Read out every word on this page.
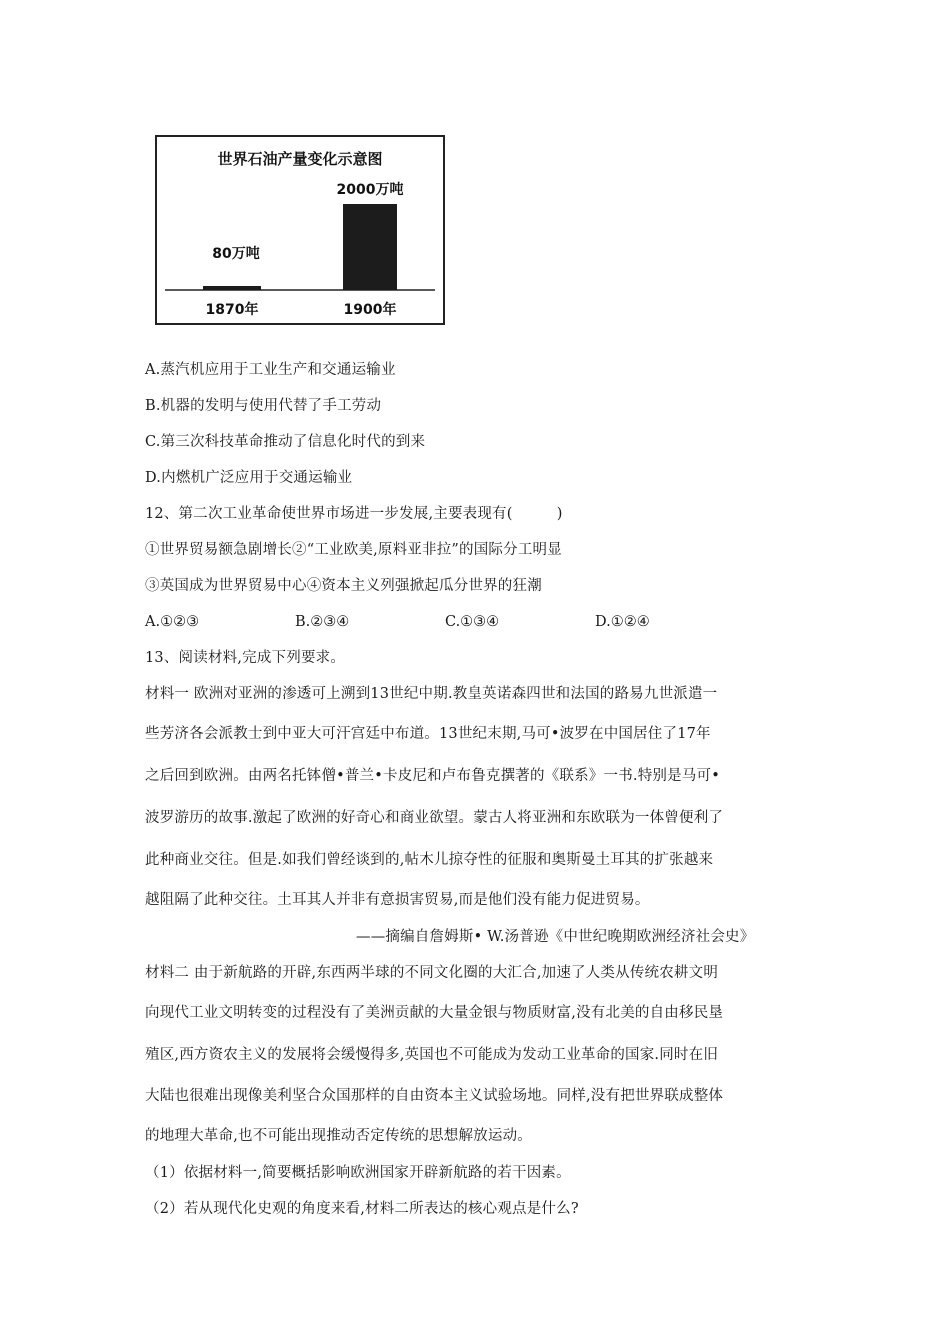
世界石油产量变化示意图
80万吨
1870年
2000万吨
1900年
A.蒸汽机应用于工业生产和交通运输业
B.机器的发明与使用代替了手工劳动
C.第三次科技革命推动了信息化时代的到来
D.内燃机广泛应用于交通运输业
12、第二次工业革命使世界市场进一步发展,主要表现有(　　　)
①世界贸易额急剧增长②“工业欧美,原料亚非拉”的国际分工明显
③英国成为世界贸易中心④资本主义列强掀起瓜分世界的狂潮
A.①②③	B.②③④	C.①③④	D.①②④
13、阅读材料,完成下列要求。
材料一 欧洲对亚洲的渗透可上溯到13世纪中期.教皇英诺森四世和法国的路易九世派遣一
些芳济各会派教士到中亚大可汗宫廷中布道。13世纪末期,马可•波罗在中国居住了17年
之后回到欧洲。由两名托钵僧•普兰•卡皮尼和卢布鲁克撰著的《联系》一书.特别是马可•
波罗游历的故事.激起了欧洲的好奇心和商业欲望。蒙古人将亚洲和东欧联为一体曾便利了
此种商业交往。但是.如我们曾经谈到的,帖木儿掠夺性的征服和奥斯曼土耳其的扩张越来
越阻隔了此种交往。土耳其人并非有意损害贸易,而是他们没有能力促进贸易。
——摘编自詹姆斯• W.汤普逊《中世纪晚期欧洲经济社会史》
材料二 由于新航路的开辟,东西两半球的不同文化圈的大汇合,加速了人类从传统农耕文明
向现代工业文明转变的过程没有了美洲贡献的大量金银与物质财富,没有北美的自由移民垦
殖区,西方资农主义的发展将会缓慢得多,英国也不可能成为发动工业革命的国家.同时在旧
大陆也很难出现像美利坚合众国那样的自由资本主义试验场地。同样,没有把世界联成整体
的地理大革命,也不可能出现推动否定传统的思想解放运动。
（1）依据材料一,简要概括影响欧洲国家开辟新航路的若干因素。
（2）若从现代化史观的角度来看,材料二所表达的核心观点是什么?
